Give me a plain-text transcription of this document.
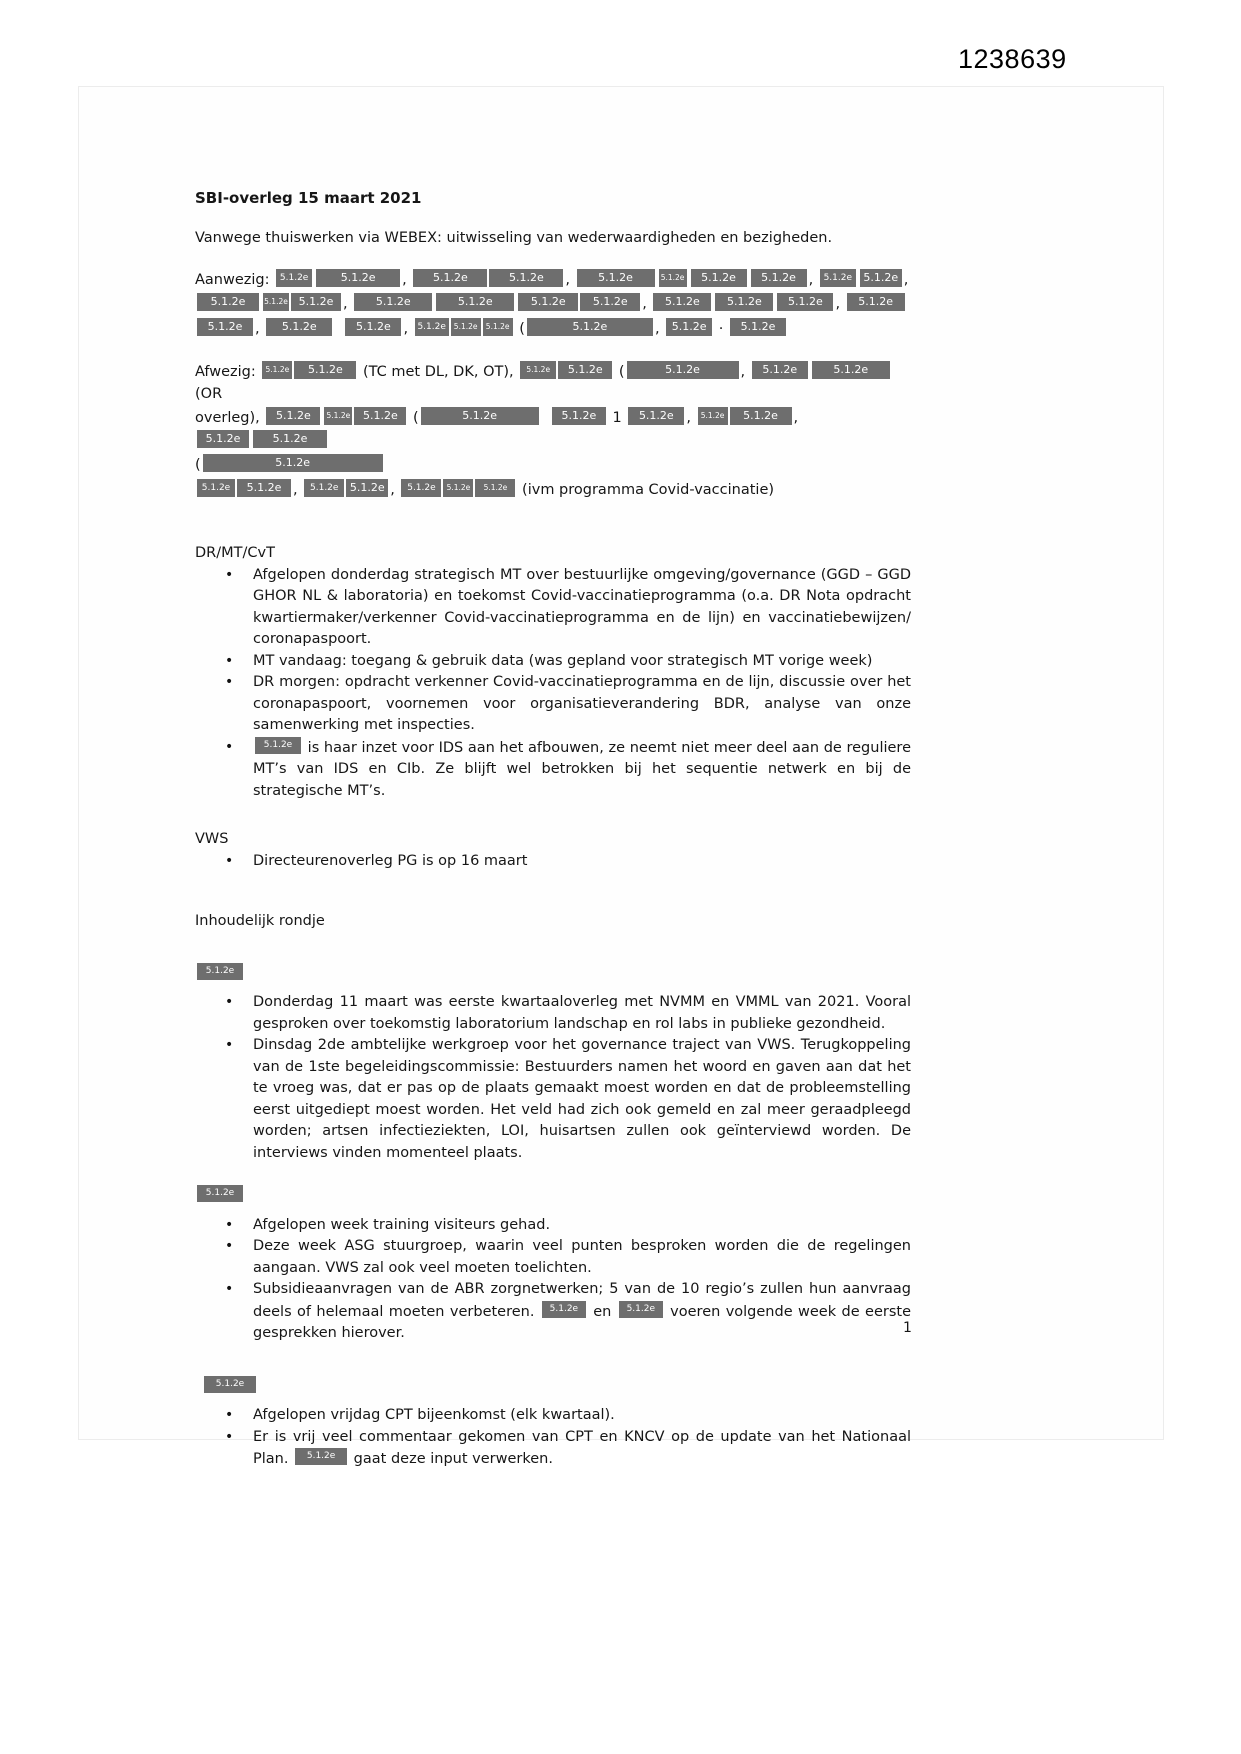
1238639
SBI-overleg 15 maart 2021

Vanwege thuiswerken via WEBEX: uitwisseling van wederwaardigheden en bezigheden.

Aanwezig: 5.1.2e	5.1.2e , 5.1.2e	5.1.2e , 5.1.2e	5.1.2e 5.1.2e 5.1.2e , 5.1.2e 5.1.2e ,
5.1.2e	5.1.2e 5.1.2e , 5.1.2e	5.1.2e	5.1.2e 5.1.2e , 5.1.2e 5.1.2e 5.1.2e , 5.1.2e
5.1.2e , 5.1.2e	5.1.2e , 5.1.2e 5.1.2e 5.1.2e (	5.1.2e	, 5.1.2e · 5.1.2e
Afwezig: 5.1.2e 5.1.2e (TC met DL, DK, OT), 5.1.2e 5.1.2e (	5.1.2e	, 5.1.2e	5.1.2e (OR
overleg), 5.1.2e 5.1.2e 5.1.2e (	5.1.2e	5.1.2e 1 5.1.2e , 5.1.2e 5.1.2e , 5.1.2e	5.1.2e
(	5.1.2e
5.1.2e 5.1.2e , 5.1.2e 5.1.2e , 5.1.2e 5.1.2e 5.1.2e (ivm programma Covid-vaccinatie)
DR/MT/CvT
• Afgelopen donderdag strategisch MT over bestuurlijke omgeving/governance (GGD – GGD GHOR NL & laboratoria) en toekomst Covid-vaccinatieprogramma (o.a. DR Nota opdracht kwartiermaker/verkenner Covid-vaccinatieprogramma en de lijn) en vaccinatiebewijzen/ coronapaspoort.
• MT vandaag: toegang & gebruik data (was gepland voor strategisch MT vorige week)
• DR morgen: opdracht verkenner Covid-vaccinatieprogramma en de lijn, discussie over het coronapaspoort, voornemen voor organisatieverandering BDR, analyse van onze samenwerking met inspecties.
• 5.1.2e is haar inzet voor IDS aan het afbouwen, ze neemt niet meer deel aan de reguliere MT’s van IDS en CIb. Ze blijft wel betrokken bij het sequentie netwerk en bij de strategische MT’s.
VWS
• Directeurenoverleg PG is op 16 maart
Inhoudelijk rondje
5.1.2e
• Donderdag 11 maart was eerste kwartaaloverleg met NVMM en VMML van 2021. Vooral gesproken over toekomstig laboratorium landschap en rol labs in publieke gezondheid.
• Dinsdag 2de ambtelijke werkgroep voor het governance traject van VWS. Terugkoppeling van de 1ste begeleidingscommissie: Bestuurders namen het woord en gaven aan dat het te vroeg was, dat er pas op de plaats gemaakt moest worden en dat de probleemstelling eerst uitgediept moest worden. Het veld had zich ook gemeld en zal meer geraadpleegd worden; artsen infectieziekten, LOI, huisartsen zullen ook geïnterviewd worden. De interviews vinden momenteel plaats.
5.1.2e
• Afgelopen week training visiteurs gehad.
• Deze week ASG stuurgroep, waarin veel punten besproken worden die de regelingen aangaan. VWS zal ook veel moeten toelichten.
• Subsidieaanvragen van de ABR zorgnetwerken; 5 van de 10 regio’s zullen hun aanvraag deels of helemaal moeten verbeteren. 5.1.2e en 5.1.2e voeren volgende week de eerste gesprekken hierover.
5.1.2e
• Afgelopen vrijdag CPT bijeenkomst (elk kwartaal).
• Er is vrij veel commentaar gekomen van CPT en KNCV op de update van het Nationaal Plan. 5.1.2e gaat deze input verwerken.
1
